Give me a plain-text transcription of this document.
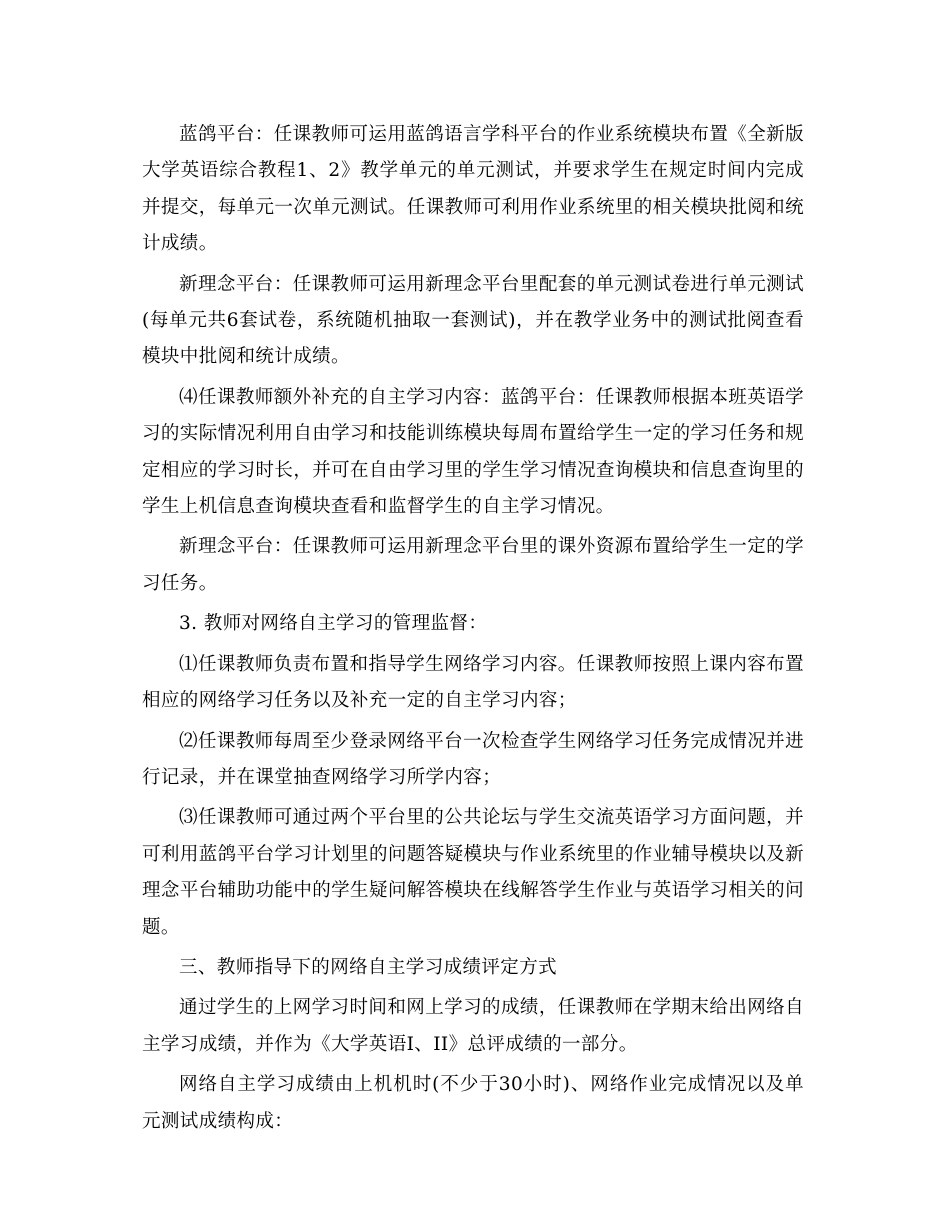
蓝鸽平台：任课教师可运用蓝鸽语言学科平台的作业系统模块布置《全新版大学英语综合教程1、2》教学单元的单元测试，并要求学生在规定时间内完成并提交，每单元一次单元测试。任课教师可利用作业系统里的相关模块批阅和统计成绩。

新理念平台：任课教师可运用新理念平台里配套的单元测试卷进行单元测试(每单元共6套试卷，系统随机抽取一套测试)，并在教学业务中的测试批阅查看模块中批阅和统计成绩。

⑷任课教师额外补充的自主学习内容：蓝鸽平台：任课教师根据本班英语学习的实际情况利用自由学习和技能训练模块每周布置给学生一定的学习任务和规定相应的学习时长，并可在自由学习里的学生学习情况查询模块和信息查询里的学生上机信息查询模块查看和监督学生的自主学习情况。

新理念平台：任课教师可运用新理念平台里的课外资源布置给学生一定的学习任务。

3. 教师对网络自主学习的管理监督：

⑴任课教师负责布置和指导学生网络学习内容。任课教师按照上课内容布置相应的网络学习任务以及补充一定的自主学习内容；

⑵任课教师每周至少登录网络平台一次检查学生网络学习任务完成情况并进行记录，并在课堂抽查网络学习所学内容；

⑶任课教师可通过两个平台里的公共论坛与学生交流英语学习方面问题，并可利用蓝鸽平台学习计划里的问题答疑模块与作业系统里的作业辅导模块以及新理念平台辅助功能中的学生疑问解答模块在线解答学生作业与英语学习相关的问题。

三、教师指导下的网络自主学习成绩评定方式

通过学生的上网学习时间和网上学习的成绩，任课教师在学期末给出网络自主学习成绩，并作为《大学英语I、II》总评成绩的一部分。

网络自主学习成绩由上机机时(不少于30小时)、网络作业完成情况以及单元测试成绩构成：
